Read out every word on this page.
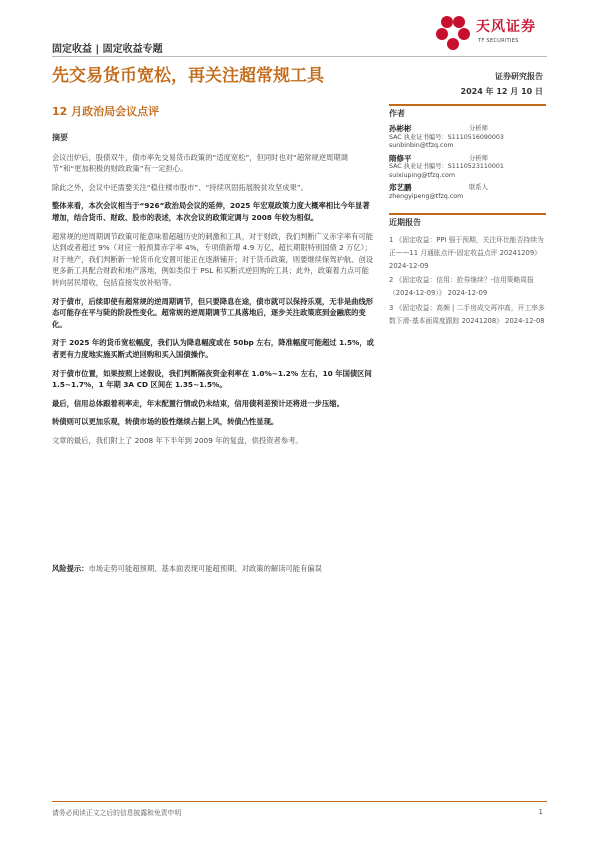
固定收益 | 固定收益专题
天风证券
TF SECURITIES
先交易货币宽松，再关注超常规工具
12 月政治局会议点评
证券研究报告
2024 年 12 月 10 日

摘要

会议出炉后，股债双牛，债市率先交易货币政策的“适度宽松”，但同时也对“超常规逆周期调节”和“更加积极的财政政策”有一定担心。

除此之外，会议中还需要关注“稳住楼市股市”、“持续巩固拓展脱贫攻坚成果”。

整体来看，本次会议相当于“926”政治局会议的延伸，2025 年宏观政策力度大概率相比今年显著增加，结合货币、财政、股市的表述，本次会议的政策定调与 2008 年较为相似。

超常规的逆周期调节政策可能意味着超越历史的刺激和工具，对于财政，我们判断广义赤字率有可能达到或者超过 9%（对应一般预算赤字率 4%，专项债新增 4.9 万亿，超长期限特别国债 2 万亿）；对于地产，我们判断新一轮货币化安置可能正在逐渐铺开；对于货币政策，则要继续保驾护航、创设更多新工具配合财政和地产落地，例如类似于 PSL 和买断式逆回购的工具；此外，政策着力点可能转向居民增收，包括直接发放补贴等。

对于债市，后续即使有超常规的逆周期调节，但只要降息在途，债市就可以保持乐观，无非是曲线形态可能存在平与陡的阶段性变化。超常规的逆周期调节工具落地后，逐步关注政策底到金融底的变化。

对于 2025 年的货币宽松幅度，我们认为降息幅度或在 50bp 左右，降准幅度可能超过 1.5%，或者更有力度地实施买断式逆回购和买入国债操作。

对于债市位置，如果按照上述假设，我们判断隔夜资金利率在 1.0%~1.2% 左右，10 年国债区间 1.5~1.7%，1 年期 3A CD 区间在 1.35~1.5%。

最后，信用总体跟着利率走，年末配置行情或仍未结束，信用债利差预计还将进一步压缩。

转债则可以更加乐观，转债市场的股性继续占据上风，转债凸性显现。

文章的最后，我们附上了 2008 年下半年到 2009 年的复盘，供投资者参考。

风险提示：市场走势可能超预期、基本面表现可能超预期、对政策的解读可能有偏误

作者
孙彬彬	分析师
SAC 执业证书编号：S1110516090003
sunbinbin@tfzq.com
隋修平	分析师
SAC 执业证书编号：S1110523110001
suixiuping@tfzq.com
郑艺鹏	联系人
zhengyipeng@tfzq.com
近期报告
1 《固定收益：PPI 强于预期，关注环比能否持续为正——11 月通胀点评-固定收益点评 20241209》 2024-12-09
2 《固定收益：信用：抢券继续？-信用策略周报（2024-12-09）》 2024-12-09
3 《固定收益：高频 | 二手房成交再冲高，开工率多数下滑-基本面周度跟踪 20241208》 2024-12-08
请务必阅读正文之后的信息披露和免责申明	1
